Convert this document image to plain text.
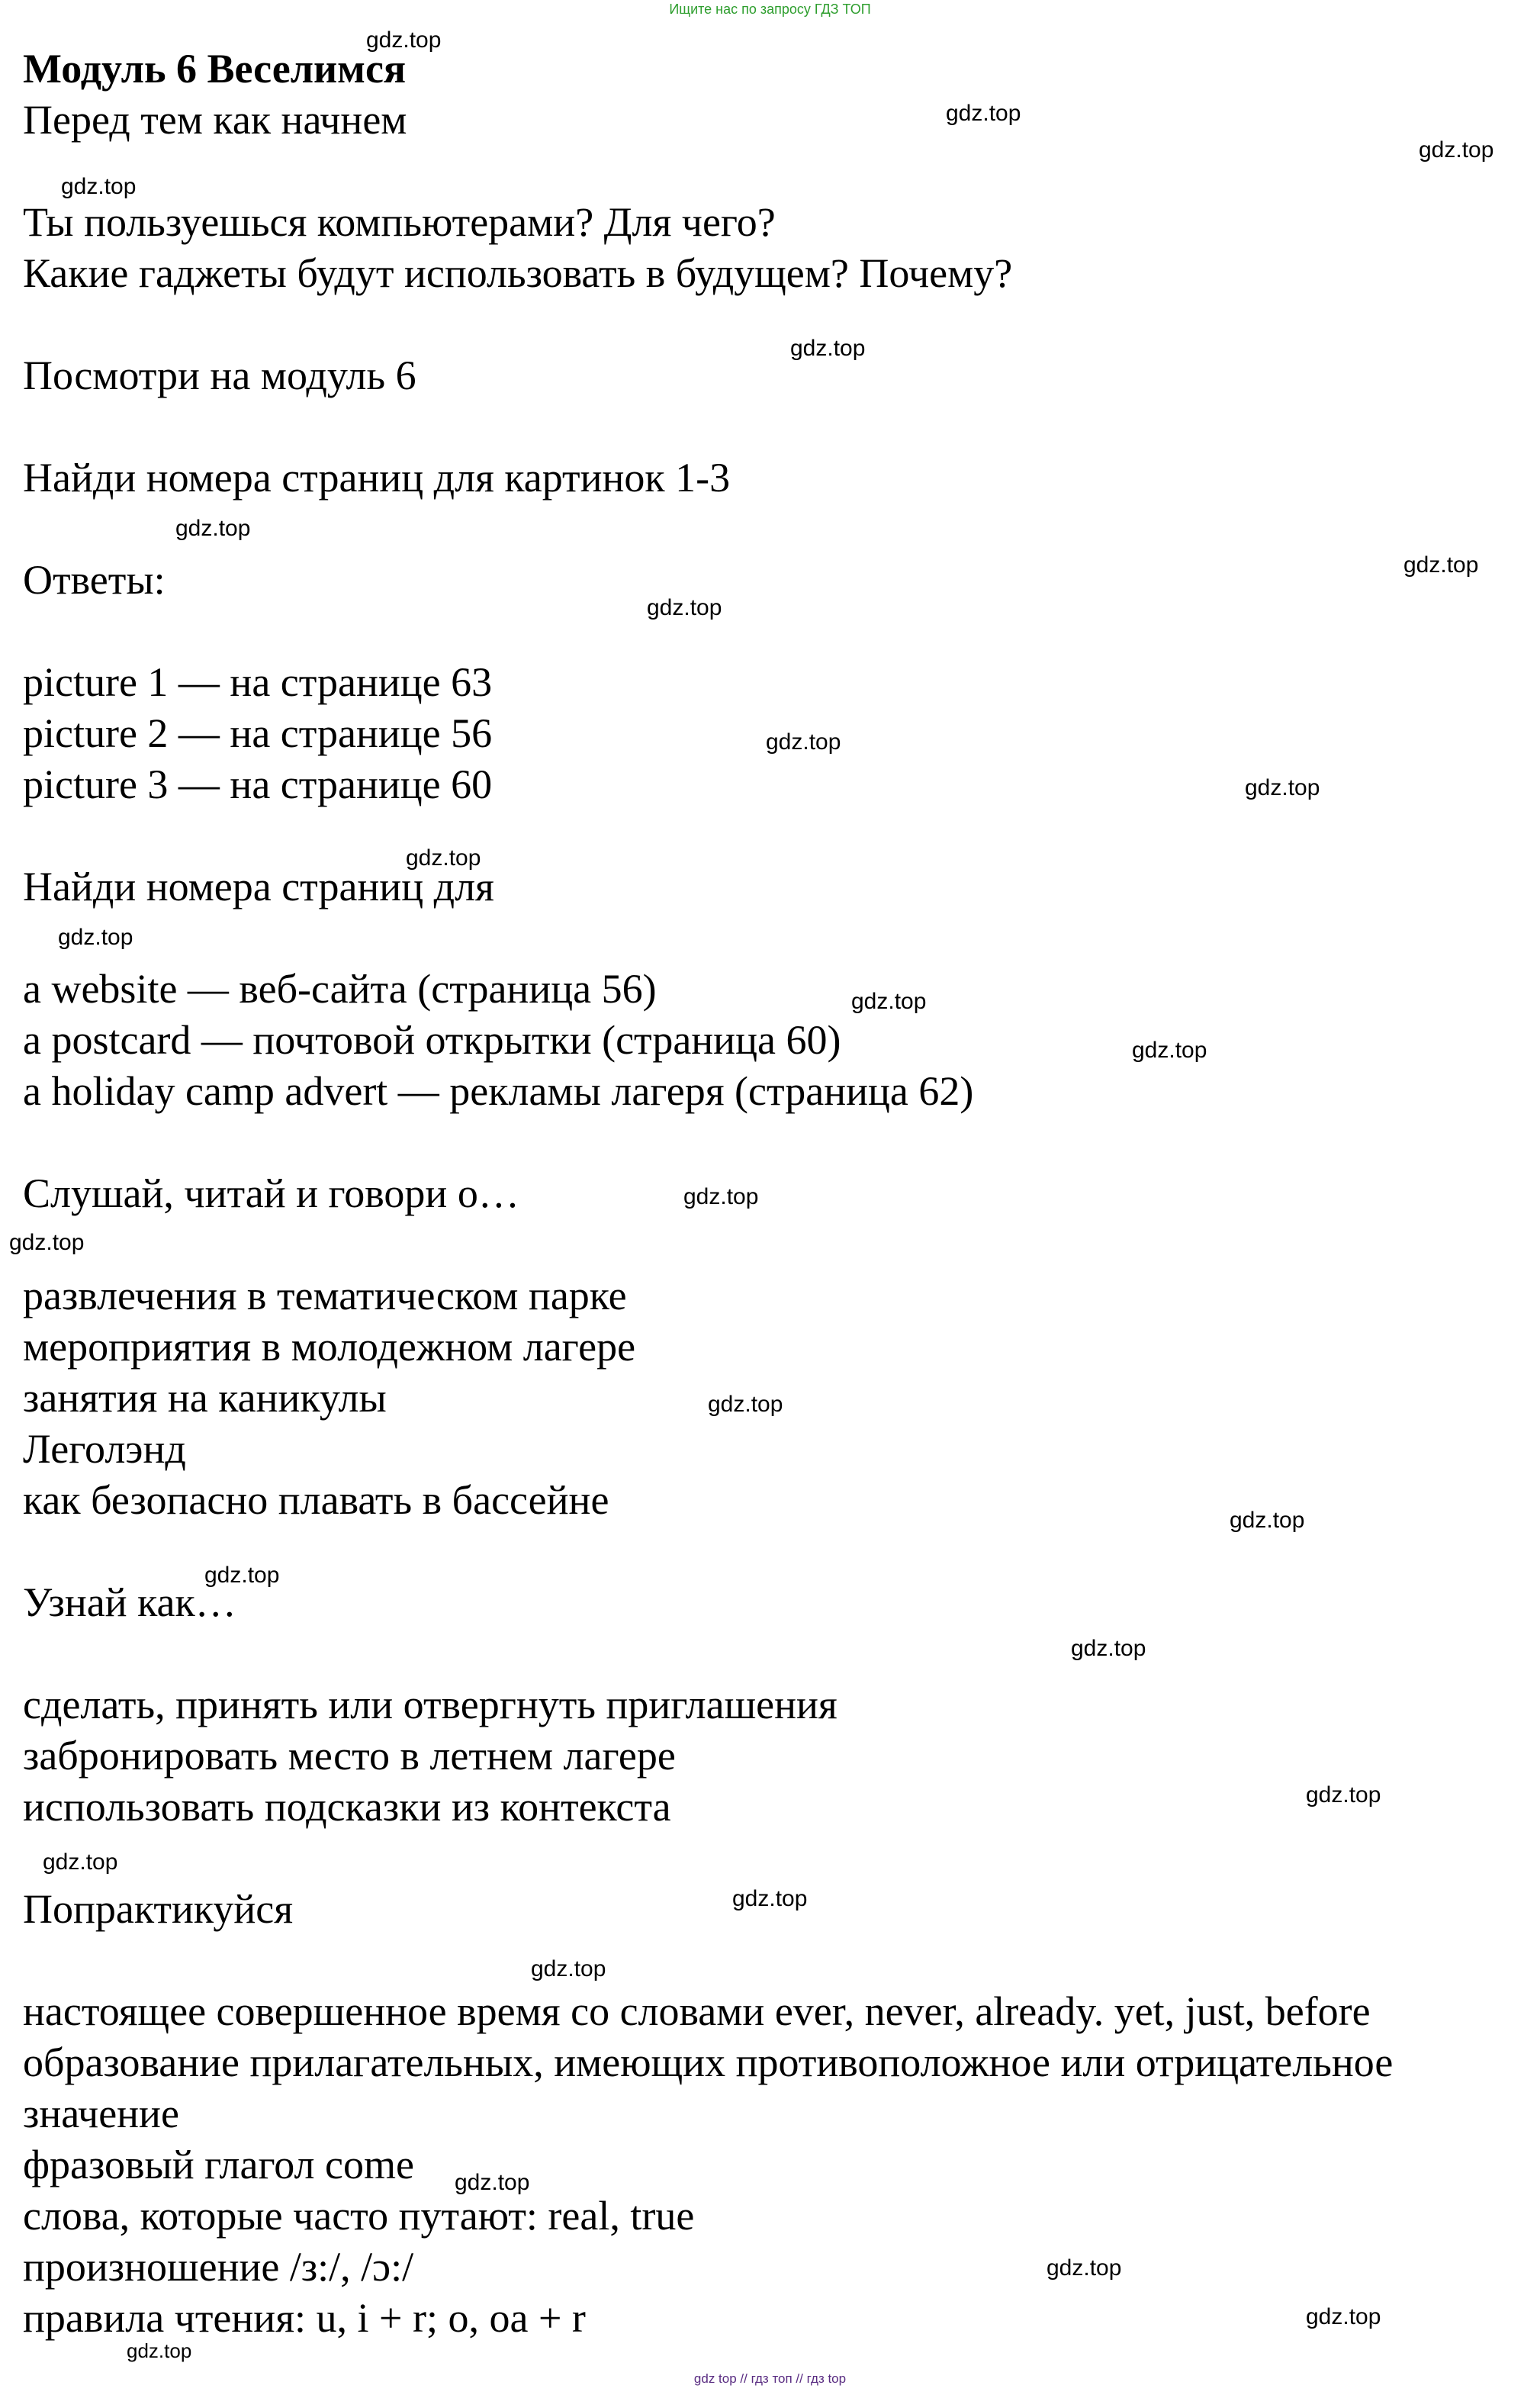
Ищите нас по запросу ГДЗ ТОП
Модуль 6 Веселимся
Перед тем как начнем
Ты пользуешься компьютерами? Для чего?
Какие гаджеты будут использовать в будущем? Почему?
Посмотри на модуль 6
Найди номера страниц для картинок 1-3
Ответы:
picture 1 — на странице 63
picture 2 — на странице 56
picture 3 — на странице 60
Найди номера страниц для
a website — веб-сайта (страница 56)
a postcard — почтовой открытки (страница 60)
a holiday camp advert — рекламы лагеря (страница 62)
Слушай, читай и говори о…
развлечения в тематическом парке
мероприятия в молодежном лагере
занятия на каникулы
Леголэнд
как безопасно плавать в бассейне
Узнай как…
сделать, принять или отвергнуть приглашения
забронировать место в летнем лагере
использовать подсказки из контекста
Попрактикуйся
настоящее совершенное время со словами ever, never, already. yet, just, before
образование прилагательных, имеющих противоположное или отрицательное
значение
фразовый глагол come
слова, которые часто путают: real, true
произношение /з:/, /ɔ:/
правила чтения: u, i + r; o, oa + r
gdz.top
gdz.top
gdz.top
gdz.top
gdz.top
gdz.top
gdz.top
gdz.top
gdz.top
gdz.top
gdz.top
gdz.top
gdz.top
gdz.top
gdz.top
gdz.top
gdz.top
gdz.top
gdz.top
gdz.top
gdz.top
gdz.top
gdz.top
gdz.top
gdz.top
gdz.top
gdz.top
gdz.top
gdz top // гдз топ // гдз top
